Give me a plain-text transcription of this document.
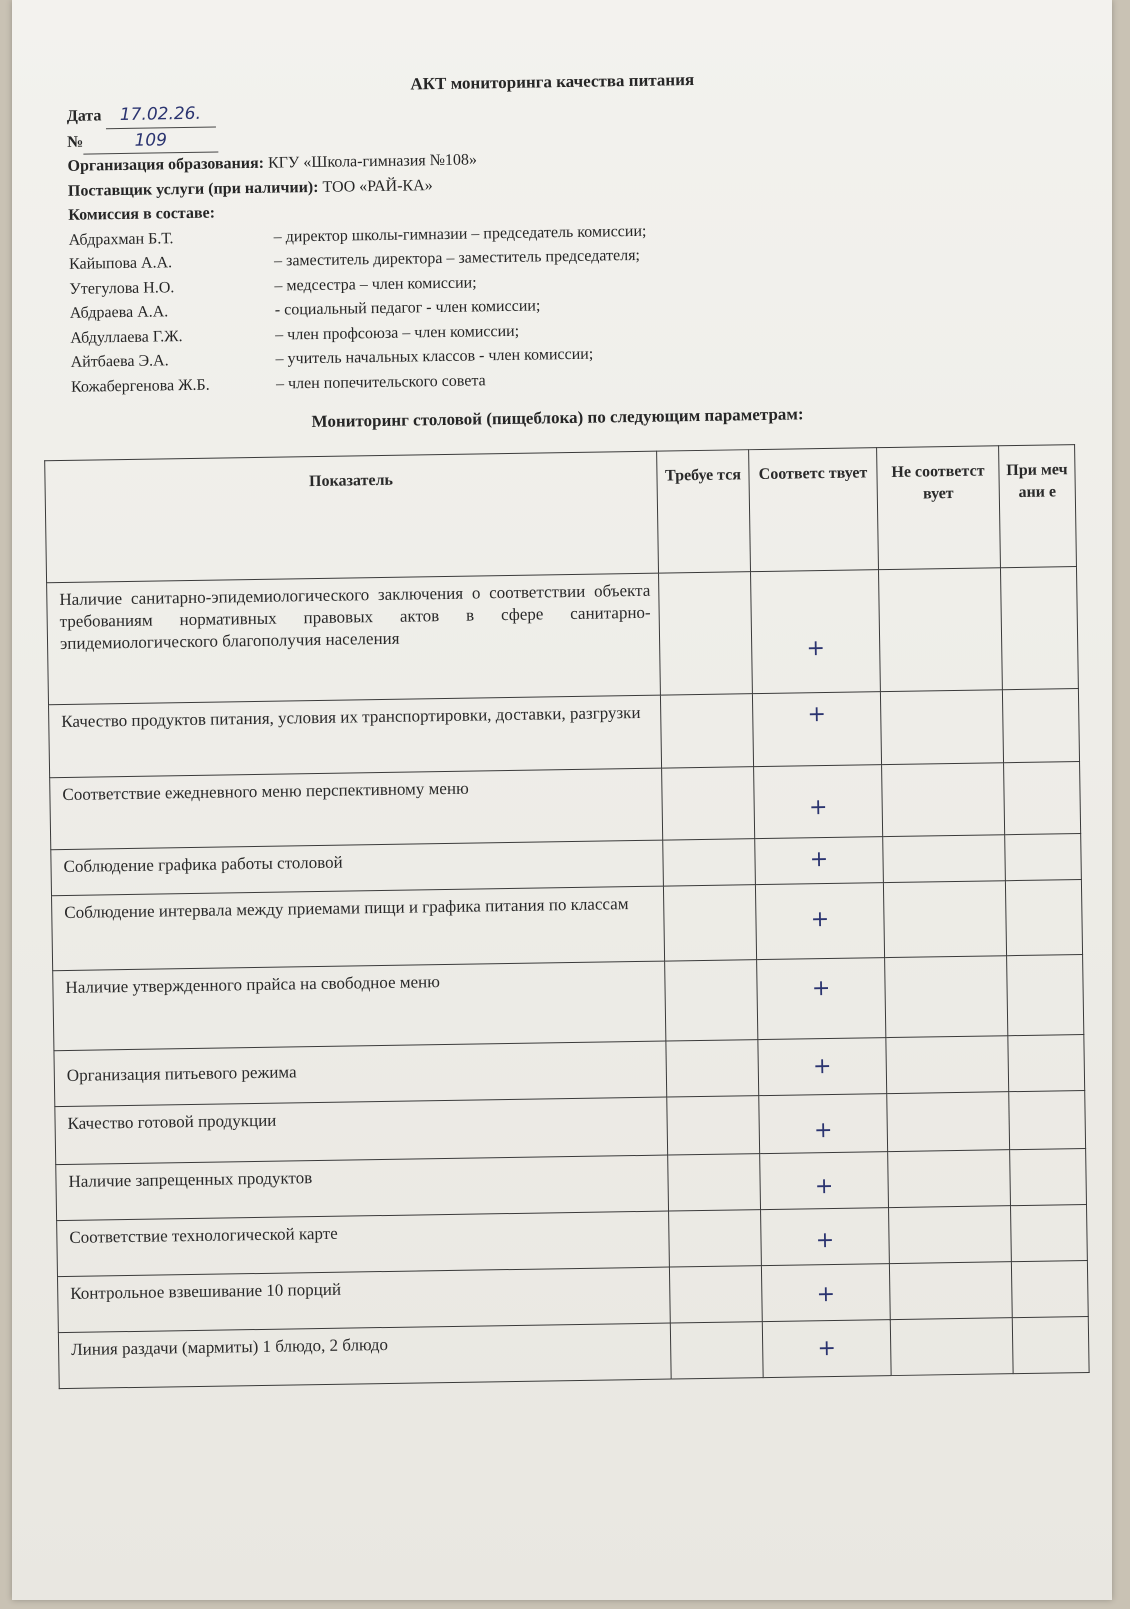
АКТ мониторинга качества питания
Дата 17.02.26.
№	109
Организация образования: КГУ «Школа-гимназия №108»
Поставщик услуги (при наличии): ТОО «РАЙ-КА»
Комиссия в составе:
Абдрахман Б.Т.	– директор школы-гимназии – председатель комиссии;
Кайыпова А.А.	– заместитель директора – заместитель председателя;
Утегулова Н.О.	– медсестра – член комиссии;
Абдраева А.А.	- социальный педагог - член комиссии;
Абдуллаева Г.Ж.	– член профсоюза – член комиссии;
Айтбаева Э.А.	– учитель начальных классов - член комиссии;
Кожабергенова Ж.Б.	– член попечительского совета
Мониторинг столовой (пищеблока) по следующим параметрам:
Показатель	Требуе тся	Соответс твует	Не соответст вует	При меч ани е
Наличие санитарно-эпидемиологического заключения о соответствии объекта требованиям нормативных правовых актов в сфере санитарно-эпидемиологического благополучия населения		+		

Качество продуктов питания, условия их транспортировки, доставки, разгрузки		+		

Соответствие ежедневного меню перспективному меню		+		

Соблюдение графика работы столовой		+		

Соблюдение интервала между приемами пищи и графика питания по классам		+		

Наличие утвержденного прайса на свободное меню		+		

Организация питьевого режима		+		

Качество готовой продукции		+		

Наличие запрещенных продуктов		+		

Соответствие технологической карте		+		

Контрольное взвешивание 10 порций		+		

Линия раздачи (мармиты) 1 блюдо, 2 блюдо		+		
